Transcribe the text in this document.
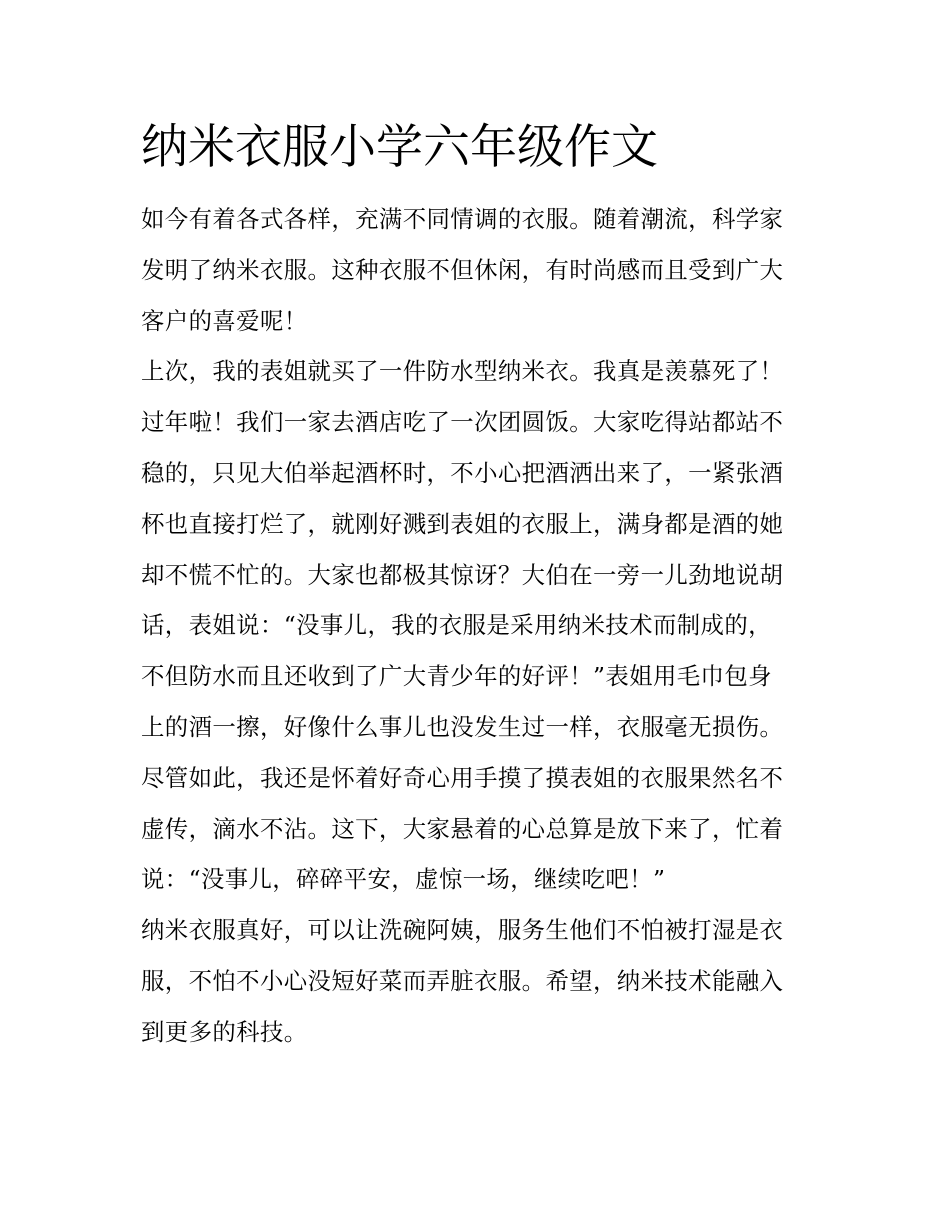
纳米衣服小学六年级作文
如今有着各式各样，充满不同情调的衣服。随着潮流，科学家
发明了纳米衣服。这种衣服不但休闲，有时尚感而且受到广大
客户的喜爱呢！
上次，我的表姐就买了一件防水型纳米衣。我真是羡慕死了！
过年啦！我们一家去酒店吃了一次团圆饭。大家吃得站都站不
稳的，只见大伯举起酒杯时，不小心把酒洒出来了，一紧张酒
杯也直接打烂了，就刚好溅到表姐的衣服上，满身都是酒的她
却不慌不忙的。大家也都极其惊讶？大伯在一旁一儿劲地说胡
话，表姐说：“没事儿，我的衣服是采用纳米技术而制成的，
不但防水而且还收到了广大青少年的好评！”表姐用毛巾包身
上的酒一擦，好像什么事儿也没发生过一样，衣服毫无损伤。
尽管如此，我还是怀着好奇心用手摸了摸表姐的衣服果然名不
虚传，滴水不沾。这下，大家悬着的心总算是放下来了，忙着
说：“没事儿，碎碎平安，虚惊一场，继续吃吧！”
纳米衣服真好，可以让洗碗阿姨，服务生他们不怕被打湿是衣
服，不怕不小心没短好菜而弄脏衣服。希望，纳米技术能融入
到更多的科技。
